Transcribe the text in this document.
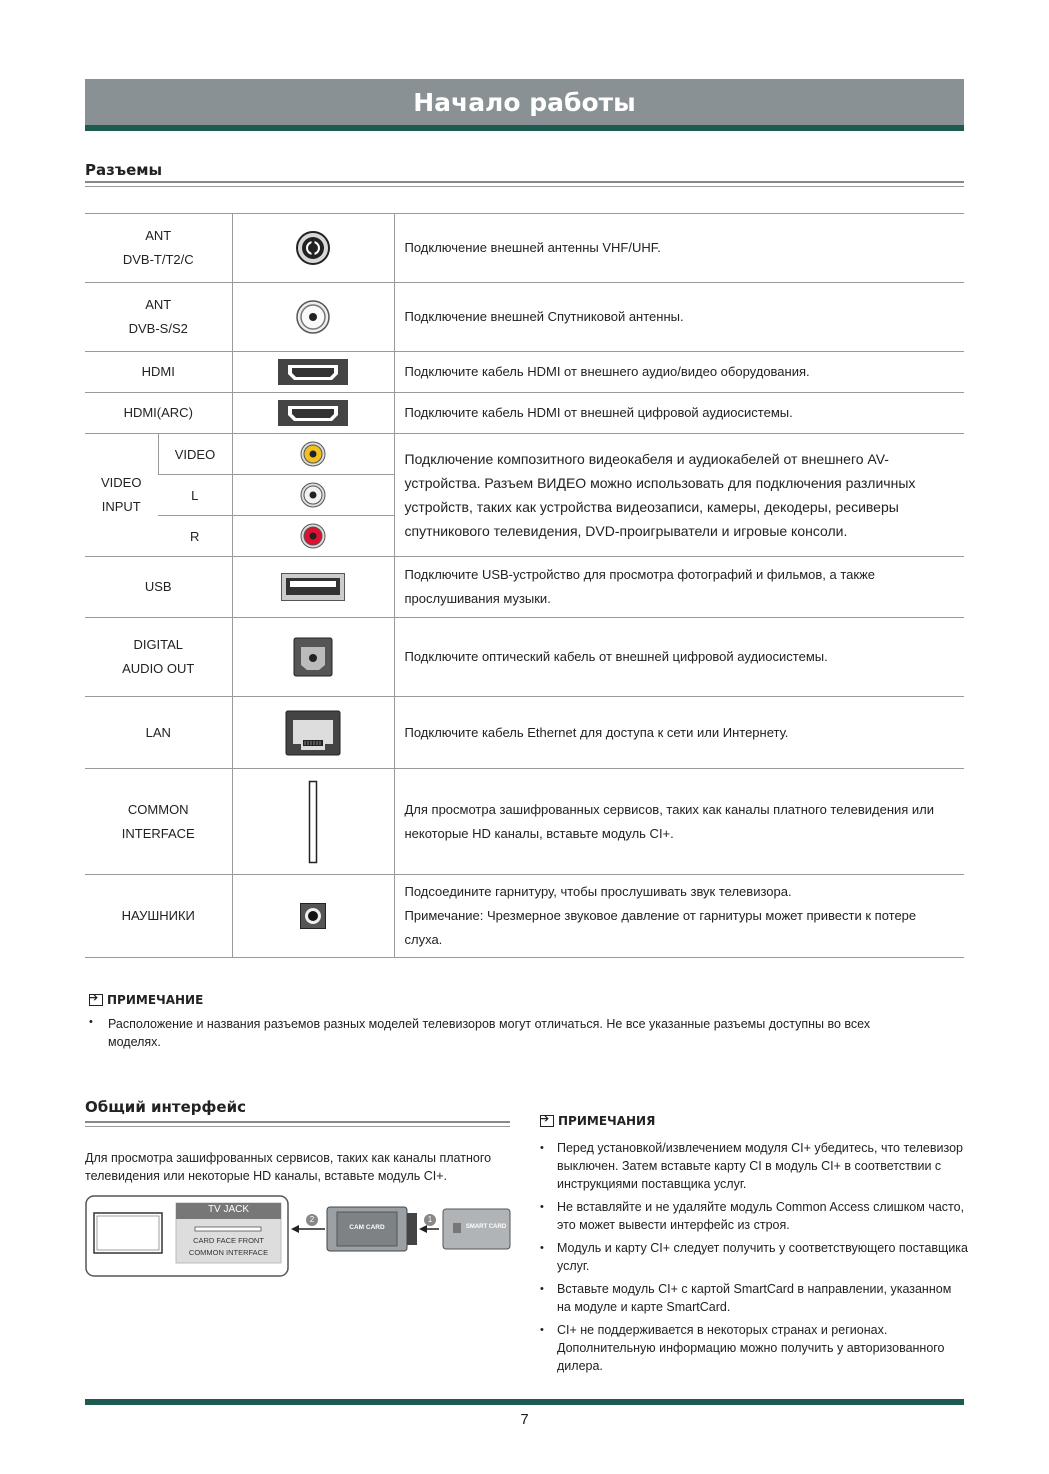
Начало работы
Разъемы
ANT
DVB-T/T2/C			Подключение внешней антенны VHF/UHF.

ANT
DVB-S/S2			Подключение внешней Спутниковой антенны.
HDMI			Подключите кабель HDMI от внешнего аудио/видео оборудования.
HDMI(ARC)			Подключите кабель HDMI от внешней цифровой аудиосистемы.

VIDEO
INPUT	VIDEO		Подключение композитного видеокабеля и аудиокабелей от внешнего AV-устройства. Разъем ВИДЕО можно использовать для подключения различных устройств, таких как устройства видеозаписи, камеры, декодеры, ресиверы спутникового телевидения, DVD-проигрыватели и игровые консоли.
	L	

	R	

USB			Подключите USB-устройство для просмотра фотографий и фильмов, а также прослушивания музыки.

DIGITAL
AUDIO OUT			Подключите оптический кабель от внешней цифровой аудиосистемы.
LAN			Подключите кабель Ethernet для доступа к сети или Интернету.

COMMON
INTERFACE			Для просмотра зашифрованных сервисов, таких как каналы платного телевидения или некоторые HD каналы, вставьте модуль CI+.
НАУШНИКИ			Подсоедините гарнитуру, чтобы прослушивать звук телевизора.
Примечание: Чрезмерное звуковое давление от гарнитуры может привести к потере слуха.
➔
ПРИМЕЧАНИЕ
• Расположение и названия разъемов разных моделей телевизоров могут отличаться. Не все указанные разъемы доступны во всех моделях.
Общий интерфейс
Для просмотра зашифрованных сервисов, таких как каналы платного телевидения или некоторые HD каналы, вставьте модуль CI+.
TV JACK
CARD FACE FRONT
COMMON INTERFACE
CAM CARD	SMART CARD
2	1
➔
ПРИМЕЧАНИЯ
• Перед установкой/извлечением модуля CI+ убедитесь, что телевизор выключен. Затем вставьте карту CI в модуль CI+ в соответствии с инструкциями поставщика услуг.
• Не вставляйте и не удаляйте модуль Common Access слишком часто, это может вывести интерфейс из строя.
• Модуль и карту CI+ следует получить у соответствующего поставщика услуг.
• Вставьте модуль CI+ с картой SmartCard в направлении, указанном на модуле и карте SmartCard.
• CI+ не поддерживается в некоторых странах и регионах. Дополнительную информацию можно получить у авторизованного дилера.
7
